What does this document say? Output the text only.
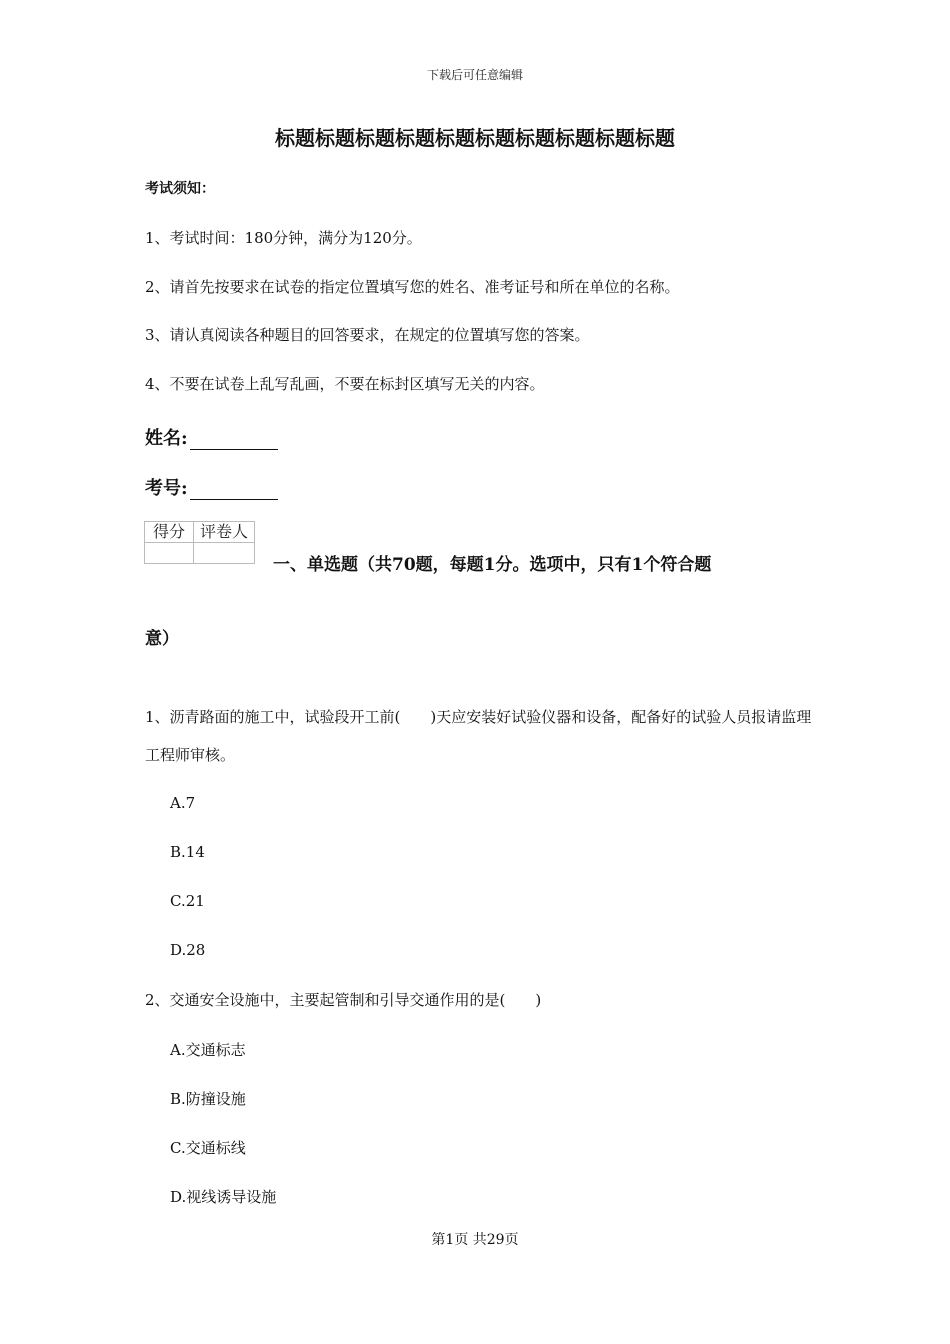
下载后可任意编辑
标题标题标题标题标题标题标题标题标题标题
考试须知：
1、考试时间：180分钟，满分为120分。
2、请首先按要求在试卷的指定位置填写您的姓名、准考证号和所在单位的名称。
3、请认真阅读各种题目的回答要求，在规定的位置填写您的答案。
4、不要在试卷上乱写乱画，不要在标封区填写无关的内容。
姓名:
考号:
得分	评卷人

一、单选题（共70题，每题1分。选项中，只有1个符合题
意）
1、沥青路面的施工中，试验段开工前(　　)天应安装好试验仪器和设备，配备好的试验人员报请监理工程师审核。
A.7
B.14
C.21
D.28
2、交通安全设施中，主要起管制和引导交通作用的是(　　)
A.交通标志
B.防撞设施
C.交通标线
D.视线诱导设施
第1页 共29页
